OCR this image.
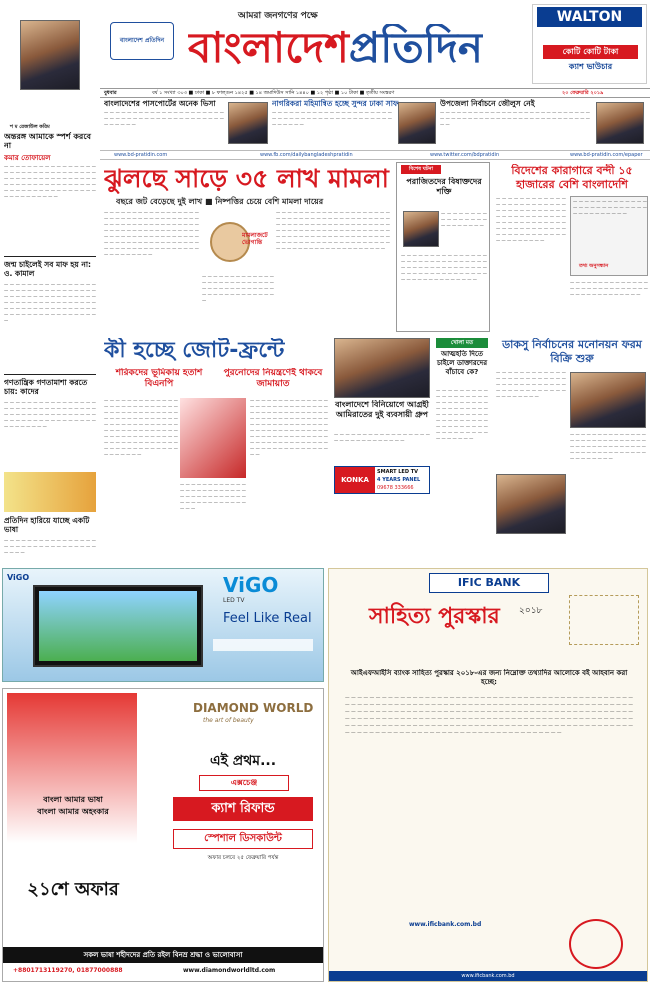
আমরা জনগণের পক্ষে
বাংলাদেশ প্রতিদিন বাংলাদেশপ্রতিদিন
WALTON
কোটি কোটি টাকা
ক্যাশ ভাউচার
বুধবার	বর্ষ ১ সংখ্যা ৩০৩ ■ ঢাকা ■ ৮ ফাল্গুন ১৪২৫ ■ ১৪ জমাদিউস সানি ১৪৪০ ■ ১২ পৃষ্ঠা ■ ১০ টাকা ■ তৃতীয় সংস্করণ	২০ ফেব্রুয়ারি ২০১৯
শ ম রেজাউল করিম
অন্তরঙ্গ আমাকে স্পর্শ করবে না
কমার তোফায়েল
— — — — — — — — — — — — — — — — — — — — — — — — — — — — — — — — — — — — — — — — — — — — — — — — — — — — — — — — — — — — — — — — — — — — — — — — — — — — — — — — — — — — — — — — — —
জন্ম চাইলেই সব মাফ হয় না: ও. কামাল
— — — — — — — — — — — — — — — — — — — — — — — — — — — — — — — — — — — — — — — — — — — — — — — — — — — — — — — — — — — — — — — — — — — — — — — — — — — — — — — — — — — — — — — — — — — — — — — — —
গণতান্ত্রিক গণতামাশা করতে চায়: কাদের
— — — — — — — — — — — — — — — — — — — — — — — — — — — — — — — — — — — — — — — — — — — — — — — — — — — — — — — — — — — — — — — — — — — — — — — —
প্রতিদিন হারিয়ে যাচ্ছে একটি ভাষা
— — — — — — — — — — — — — — — — — — — — — — — — — — — — — — — — — — — —
বাংলাদেশের পাসপোর্টের অনেক ভিসা
— — — — — — — — — — — — — — — — — — — — — — — — — — — — — — — — — — — — — — — — — — — — — — — —
নাগরিকরা মহিমান্বিত হচ্ছে সুন্দর ঢাকা সাফ
— — — — — — — — — — — — — — — — — — — — — — — — — — — — — — — — — — — — — — — — — — — — — — — —
উপজেলা নির্বাচনে জৌলুস নেই
— — — — — — — — — — — — — — — — — — — — — — — — — — — — — — — — — — — — — — — — — — — — — — — — — — — — — — — —
www.bd-pratidin.com	www.fb.com/dailybangladeshpratidin	www.twitter.com/bdpratidin	www.bd-pratidin.com/epaper
ঝুলছে সাড়ে ৩৫ লাখ মামলা
বছরে জট বেড়েছে দুই লাখ ■ নিষ্পত্তির চেয়ে বেশি মামলা দায়ের
— — — — — — — — — — — — — — — — — — — — — — — — — — — — — — — — — — — — — — — — — — — — — — — — — — — — — — — — — — — — — — — — — — — — — — — — — — — — — — — — — — — — — — — — — — — — — — — — — — — — — — — — — — — — — — — — — — — — — — — — — — — — — — — —
মামলাজটে ভোগান্তি
— — — — — — — — — — — — — — — — — — — — — — — — — — — — — — — — — — — — — — — — — — — — — — — — — — — — — — — — — — — — — — — — — — — — — — — — — — — — — — — — — — — — — — — — — — — — — — — — — — — — — — — — — — — — — — — — — — — — — — — — — — — — — — — — — — — — — — — — — — — —
— — — — — — — — — — — — — — — — — — — — — — — — — — — — — — — — — — — — — — — — — — — — — — — — — — — — —
বিশেষ ঘটনা
পরাজিতদের বিষাক্তদের শক্তি
— — — — — — — — — — — — — — — — — — — — — — — —
— — — — — — — — — — — — — — — — — — — — — — — — — — — — — — — — — — — — — — — — — — — — — — — — — — — — — — — — — — — — — — — — — — — — — — — — — —
বিদেশের কারাগারে বন্দী ১৫ হাজারের বেশি বাংলাদেশি
— — — — — — — — — — — — — — — — — — — — — — — — — — — — — — — — — — — — — — — — — — — — — — — — — — — — — — — — — — — — — — — — — — — — — — — — — — — — — — — — — — — — — — — — — — — — —
— — — — — — — — — — — — — — — — — — — — — — — — — — — — — — — — — — — —
তথ্য অনুসন্ধান
— — — — — — — — — — — — — — — — — — — — — — — — — — — — — — — — — — — — — — — — —
কী হচ্ছে জোট-ফ্রন্টে
শরিকদের ভূমিকায় হতাশ বিএনপি
পুরনোদের নিয়ন্ত্রণেই থাকবে জামায়াত
— — — — — — — — — — — — — — — — — — — — — — — — — — — — — — — — — — — — — — — — — — — — — — — — — — — — — — — — — — — — — — — — — — — — — — — — — — — — — — — — — — — — — — — — — — — — — — — — — — — — — — — — — — — — — — — — — — — — — — — — — — — —
— — — — — — — — — — — — — — — — — — — — — — — — — — — — — — — — — — — — — — — — — — — — — — — — — — —
— — — — — — — — — — — — — — — — — — — — — — — — — — — — — — — — — — — — — — — — — — — — — — — — — — — — — — — — — — — — — — — — — — — — — — — — — — — — — — — — — — — — — — — — — — — — — — — — — — — — — — — — — — — — — — — — — — — — — — — — — — — — — — — —
বাংলাদেশে বিনিয়োগে আগ্রহী আমিরাতের দুই ব্যবসায়ী গ্রুপ
— — — — — — — — — — — — — — — — — — — — — — — — — — — — — —
KONKA
SMART LED TV
4 YEARS PANEL
09678 333666
খোলা মত
আত্মহতি দিতে চাইলে ডাক্তারদের বাঁচাবে কে?
— — — — — — — — — — — — — — — — — — — — — — — — — — — — — — — — — — — — — — — — — — — — — — — — — — — — — — — — — — — — — — — — — — — — — — — — — — — — — — —
ডাকসু নির্বাচনের মনোনয়ন ফরম বিক্রি শুরু
— — — — — — — — — — — — — — — — — — — — — — — — — — — — — — — — — — — — — — — — — — — — — — — — — — — — — — — —
— — — — — — — — — — — — — — — — — — — — — — — — — — — — — — — — — — — — — — — — — — — — — — — — — — — — — — — — — — — — — — — —
ViGO	ViGO
LED TV
Feel Like Real
IFIC BANK
সাহিত্য পুরস্কার ২০১৮
আইএফআইসি ব্যাংক সাহিত্য পুরস্কার ২০১৮-এর জন্য নিম্নোক্ত তথ্যাদির আলোকে বই আহবান করা হচ্ছে:
— — — — — — — — — — — — — — — — — — — — — — — — — — — — — — — — — — — — — — — — — — — — — — — — — — — — — — — — — — — — — — — — — — — — — — — — — — — — — — — — — — — — — — — — — — — — — — — — — — — — — — — — — — — — — — — — — — — — — — — — — — — — — — — — — — — — — — — — — — — — — — — — — — — — — — — — — — — — — — — — — — — — — — — — — — — — — — — — — — — — — — — — — — — — — — — — — — — — — — — — — — — — — — — — — — — — — — — — — — — — — — — — — — — — — — — — — — — — — — — — — — — — — — — — — — — — — — — — — — — — — — — — — — — — — — —
www.ificbank.com.bd
www.ificbank.com.bd
বাংলা আমার ভাষা
বাংলা আমার অহংকার
২১শে অফার
DIAMOND WORLD
the art of beauty
এই প্রথম...
এক্সচেঞ্জ
ক্যাশ রিফান্ড
স্পেশাল ডিসকাউন্ট
অফার চলবে ২৫ ফেব্রুয়ারি পর্যন্ত
সকল ভাষা শহীদদের প্রতি রইল বিনম্র শ্রদ্ধা ও ভালোবাসা
+8801713119270, 01877000888	www.diamondworldltd.com
